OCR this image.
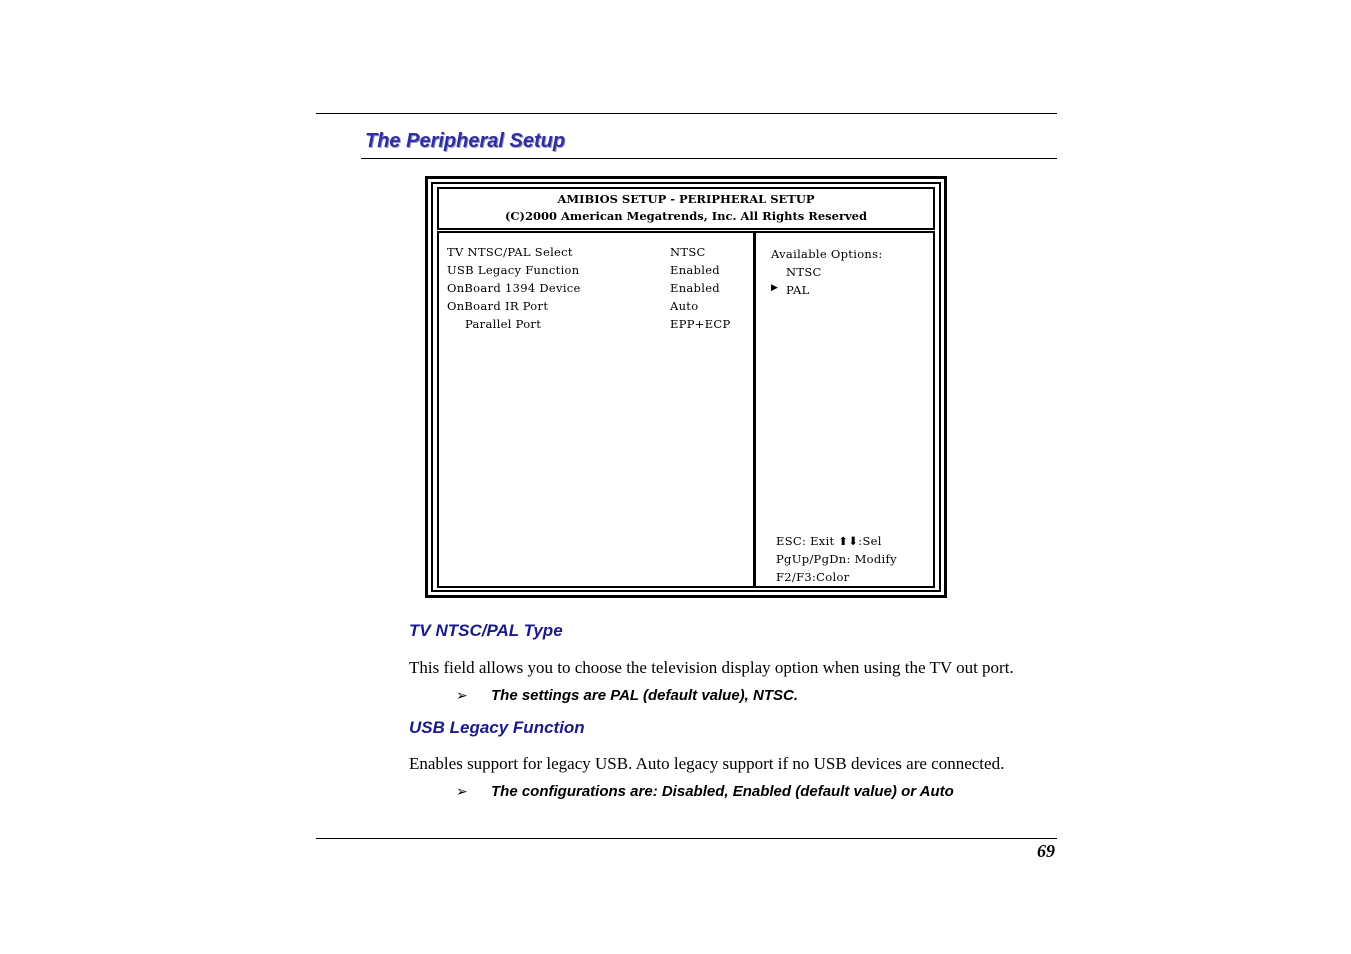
The Peripheral Setup
AMIBIOS SETUP - PERIPHERAL SETUP
(C)2000 American Megatrends, Inc. All Rights Reserved
TV NTSC/PAL Select	NTSC
USB Legacy Function	Enabled
OnBoard 1394 Device	Enabled
OnBoard IR Port	Auto
Parallel Port	EPP+ECP
Available Options:
NTSC
▶ PAL
ESC: Exit ⬆⬇:Sel
PgUp/PgDn: Modify
F2/F3:Color
TV NTSC/PAL Type
This field allows you to choose the television display option when using the TV out port.
➢ The settings are PAL (default value), NTSC.
USB Legacy Function
Enables support for legacy USB. Auto legacy support if no USB devices are connected.
➢ The configurations are: Disabled, Enabled (default value) or Auto
69
